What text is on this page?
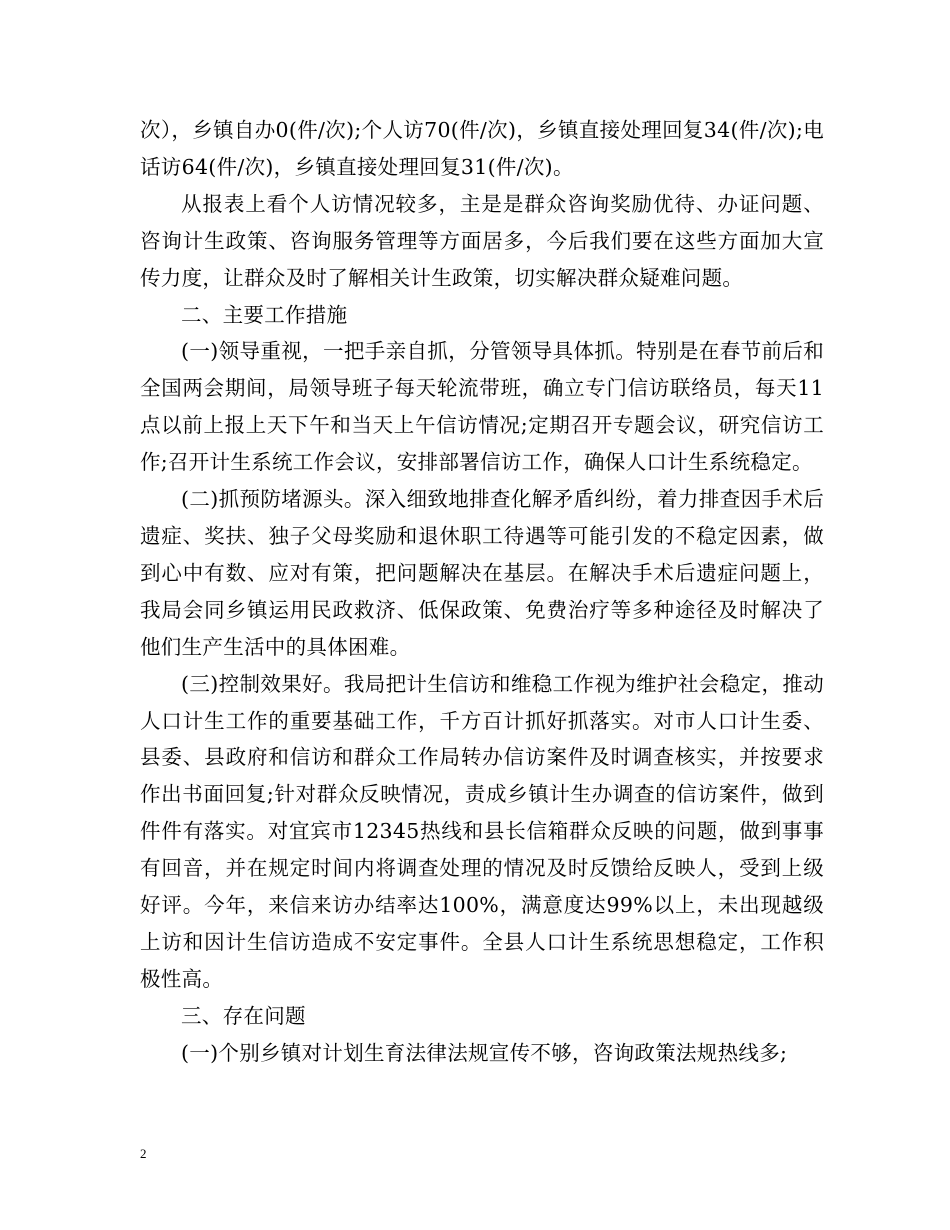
次），乡镇自办0(件/次);个人访70(件/次)，乡镇直接处理回复34(件/次);电话访64(件/次)，乡镇直接处理回复31(件/次)。

从报表上看个人访情况较多，主是是群众咨询奖励优待、办证问题、咨询计生政策、咨询服务管理等方面居多，今后我们要在这些方面加大宣传力度，让群众及时了解相关计生政策，切实解决群众疑难问题。

二、主要工作措施

(一)领导重视，一把手亲自抓，分管领导具体抓。特别是在春节前后和全国两会期间，局领导班子每天轮流带班，确立专门信访联络员，每天11点以前上报上天下午和当天上午信访情况;定期召开专题会议，研究信访工作;召开计生系统工作会议，安排部署信访工作，确保人口计生系统稳定。

(二)抓预防堵源头。深入细致地排查化解矛盾纠纷，着力排查因手术后遗症、奖扶、独子父母奖励和退休职工待遇等可能引发的不稳定因素，做到心中有数、应对有策，把问题解决在基层。在解决手术后遗症问题上，我局会同乡镇运用民政救济、低保政策、免费治疗等多种途径及时解决了他们生产生活中的具体困难。

(三)控制效果好。我局把计生信访和维稳工作视为维护社会稳定，推动人口计生工作的重要基础工作，千方百计抓好抓落实。对市人口计生委、县委、县政府和信访和群众工作局转办信访案件及时调查核实，并按要求作出书面回复;针对群众反映情况，责成乡镇计生办调查的信访案件，做到件件有落实。对宜宾市12345热线和县长信箱群众反映的问题，做到事事有回音，并在规定时间内将调查处理的情况及时反馈给反映人，受到上级好评。今年，来信来访办结率达100%，满意度达99%以上，未出现越级上访和因计生信访造成不安定事件。全县人口计生系统思想稳定，工作积极性高。

三、存在问题

(一)个别乡镇对计划生育法律法规宣传不够，咨询政策法规热线多;

2
